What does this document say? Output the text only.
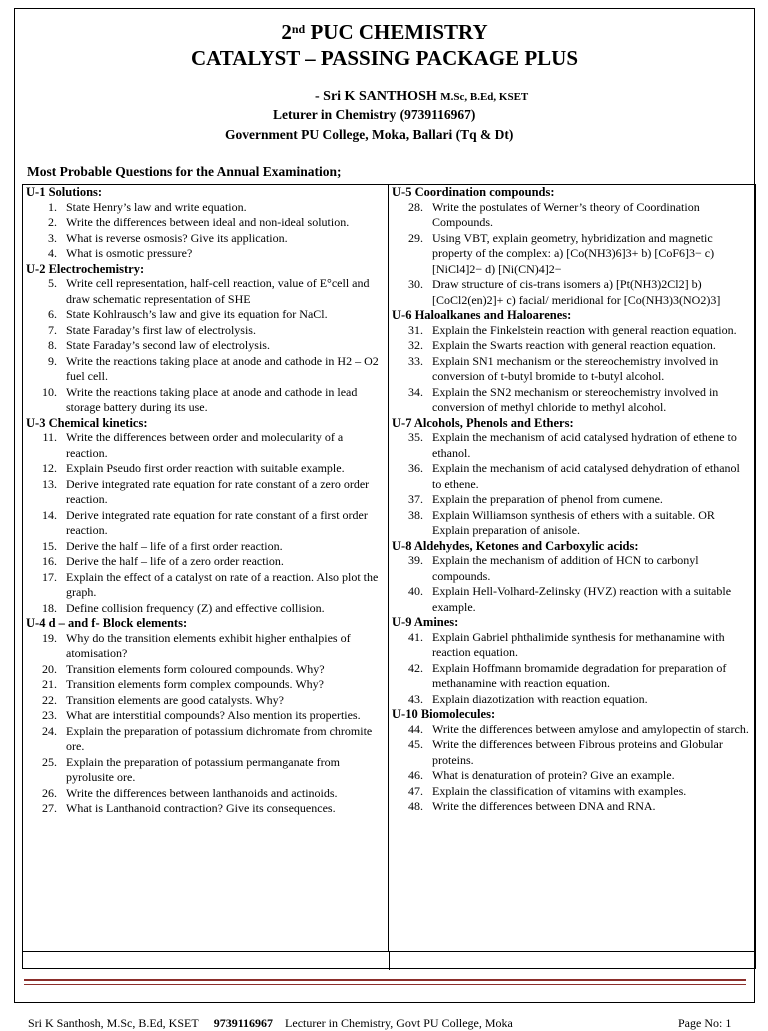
2nd PUC CHEMISTRY
CATALYST – PASSING PACKAGE PLUS
- Sri K SANTHOSH M.Sc, B.Ed, KSET
Leturer in Chemistry (9739116967)
Government PU College, Moka, Ballari (Tq & Dt)
Most Probable Questions for the Annual Examination;
U-1 Solutions:
1. State Henry’s law and write equation.
2. Write the differences between ideal and non-ideal solution.
3. What is reverse osmosis? Give its application.
4. What is osmotic pressure?
U-2 Electrochemistry:
5. Write cell representation, half-cell reaction, value of E°cell and draw schematic representation of SHE
6. State Kohlrausch’s law and give its equation for NaCl.
7. State Faraday’s first law of electrolysis.
8. State Faraday’s second law of electrolysis.
9. Write the reactions taking place at anode and cathode in H2 – O2 fuel cell.
10. Write the reactions taking place at anode and cathode in lead storage battery during its use.
U-3 Chemical kinetics:
11. Write the differences between order and molecularity of a reaction.
12. Explain Pseudo first order reaction with suitable example.
13. Derive integrated rate equation for rate constant of a zero order reaction.
14. Derive integrated rate equation for rate constant of a first order reaction.
15. Derive the half – life of a first order reaction.
16. Derive the half – life of a zero order reaction.
17. Explain the effect of a catalyst on rate of a reaction. Also plot the graph.
18. Define collision frequency (Z) and effective collision.
U-4 d – and f- Block elements:
19. Why do the transition elements exhibit higher enthalpies of atomisation?
20. Transition elements form coloured compounds. Why?
21. Transition elements form complex compounds. Why?
22. Transition elements are good catalysts. Why?
23. What are interstitial compounds? Also mention its properties.
24. Explain the preparation of potassium dichromate from chromite ore.
25. Explain the preparation of potassium permanganate from pyrolusite ore.
26. Write the differences between lanthanoids and actinoids.
27. What is Lanthanoid contraction? Give its consequences.
U-5 Coordination compounds:
28. Write the postulates of Werner’s theory of Coordination Compounds.
29. Using VBT, explain geometry, hybridization and magnetic property of the complex: a) [Co(NH3)6]3+ b) [CoF6]3− c) [NiCl4]2− d) [Ni(CN)4]2−
30. Draw structure of cis-trans isomers a) [Pt(NH3)2Cl2] b)[CoCl2(en)2]+ c) facial/ meridional for [Co(NH3)3(NO2)3]
U-6 Haloalkanes and Haloarenes:
31. Explain the Finkelstein reaction with general reaction equation.
32. Explain the Swarts reaction with general reaction equation.
33. Explain SN1 mechanism or the stereochemistry involved in conversion of t-butyl bromide to t-butyl alcohol.
34. Explain the SN2 mechanism or stereochemistry involved in conversion of methyl chloride to methyl alcohol.
U-7 Alcohols, Phenols and Ethers:
35. Explain the mechanism of acid catalysed hydration of ethene to ethanol.
36. Explain the mechanism of acid catalysed dehydration of ethanol to ethene.
37. Explain the preparation of phenol from cumene.
38. Explain Williamson synthesis of ethers with a suitable. OR Explain preparation of anisole.
U-8 Aldehydes, Ketones and Carboxylic acids:
39. Explain the mechanism of addition of HCN to carbonyl compounds.
40. Explain Hell-Volhard-Zelinsky (HVZ) reaction with a suitable example.
U-9 Amines:
41. Explain Gabriel phthalimide synthesis for methanamine with reaction equation.
42. Explain Hoffmann bromamide degradation for preparation of methanamine with reaction equation.
43. Explain diazotization with reaction equation.
U-10 Biomolecules:
44. Write the differences between amylose and amylopectin of starch.
45. Write the differences between Fibrous proteins and Globular proteins.
46. What is denaturation of protein? Give an example.
47. Explain the classification of vitamins with examples.
48. Write the differences between DNA and RNA.
Sri K Santhosh, M.Sc, B.Ed, KSET 9739116967 Lecturer in Chemistry, Govt PU College, Moka	Page No: 1
